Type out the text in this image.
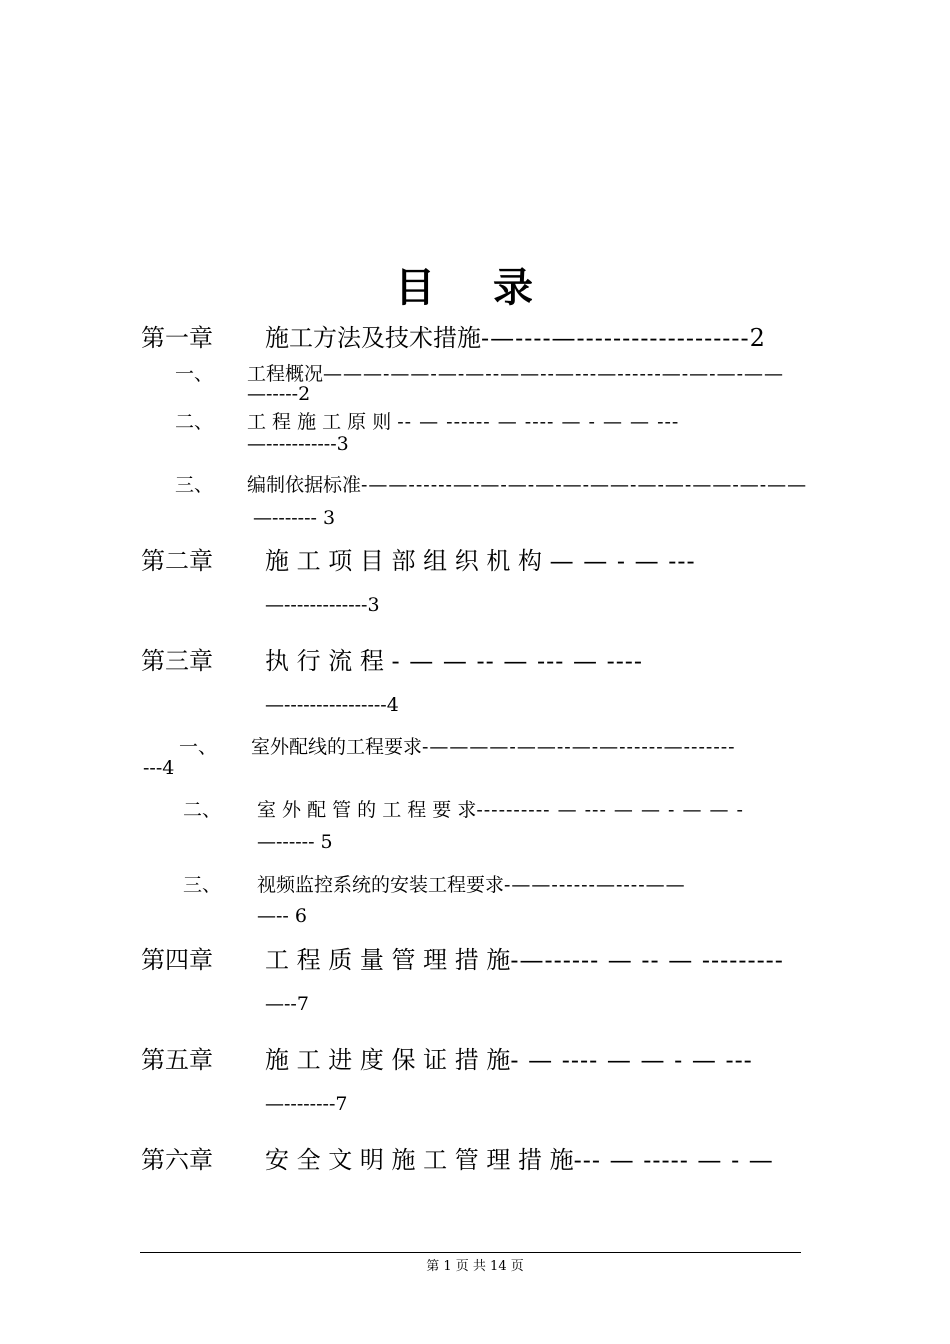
目 录
第一章 施工方法及技术措施-—----—-------------------2
一、 工程概况———-——-—-—--——--—---—------—-—-—-——
—-----2
二、 工 程 施 工 原 则 -- — ------ — ---- — - — — ---
—-----------3
三、 编制依据标准-——------—-—-—-—-—-——-—-—-——-—-——
—------- 3
第二章 施 工 项 目 部 组 织 机 构 — — - — ---
—-------------3
第三章 执 行 流 程 - — — -- — --- — ----
—----------------4
一、 室外配线的工程要求-————-——--—-—------—-------
---4
二、 室 外 配 管 的 工 程 要 求---------- — --- — — - — — -
—------ 5
三、 视频监控系统的安装工程要求-——------—----——
—-- 6
第四章 工 程 质 量 管 理 措 施-—------ — -- — ---------
—--7
第五章 施 工 进 度 保 证 措 施- — ---- — — - — ---
—--------7
第六章 安 全 文 明 施 工 管 理 措 施--- — ----- — - —
第 1 页 共 14 页
